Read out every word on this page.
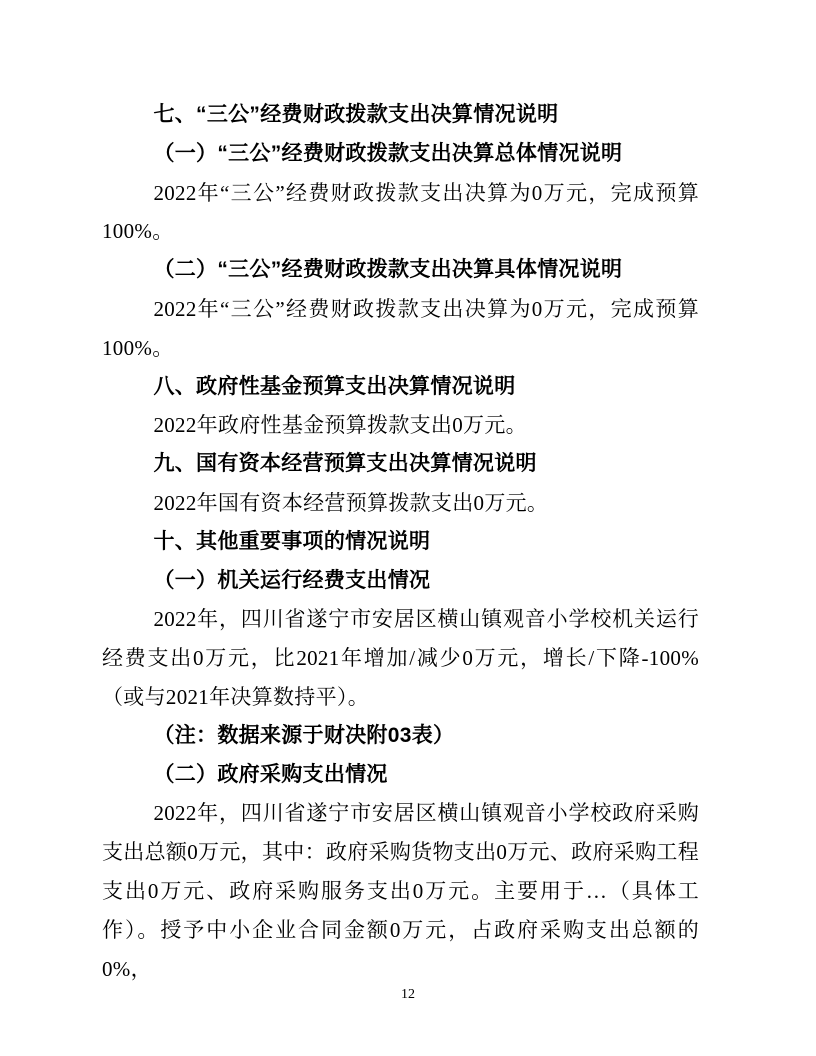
七、“三公”经费财政拨款支出决算情况说明

（一）“三公”经费财政拨款支出决算总体情况说明

2022年“三公”经费财政拨款支出决算为0万元，完成预算100%。

（二）“三公”经费财政拨款支出决算具体情况说明

2022年“三公”经费财政拨款支出决算为0万元，完成预算100%。

八、政府性基金预算支出决算情况说明

2022年政府性基金预算拨款支出0万元。

九、国有资本经营预算支出决算情况说明

2022年国有资本经营预算拨款支出0万元。

十、其他重要事项的情况说明

（一）机关运行经费支出情况

2022年，四川省遂宁市安居区横山镇观音小学校机关运行经费支出0万元，比2021年增加/减少0万元，增长/下降-100%（或与2021年决算数持平）。

（注：数据来源于财决附03表）

（二）政府采购支出情况

2022年，四川省遂宁市安居区横山镇观音小学校政府采购支出总额0万元，其中：政府采购货物支出0万元、政府采购工程支出0万元、政府采购服务支出0万元。主要用于…（具体工作）。授予中小企业合同金额0万元，占政府采购支出总额的0%，

12
